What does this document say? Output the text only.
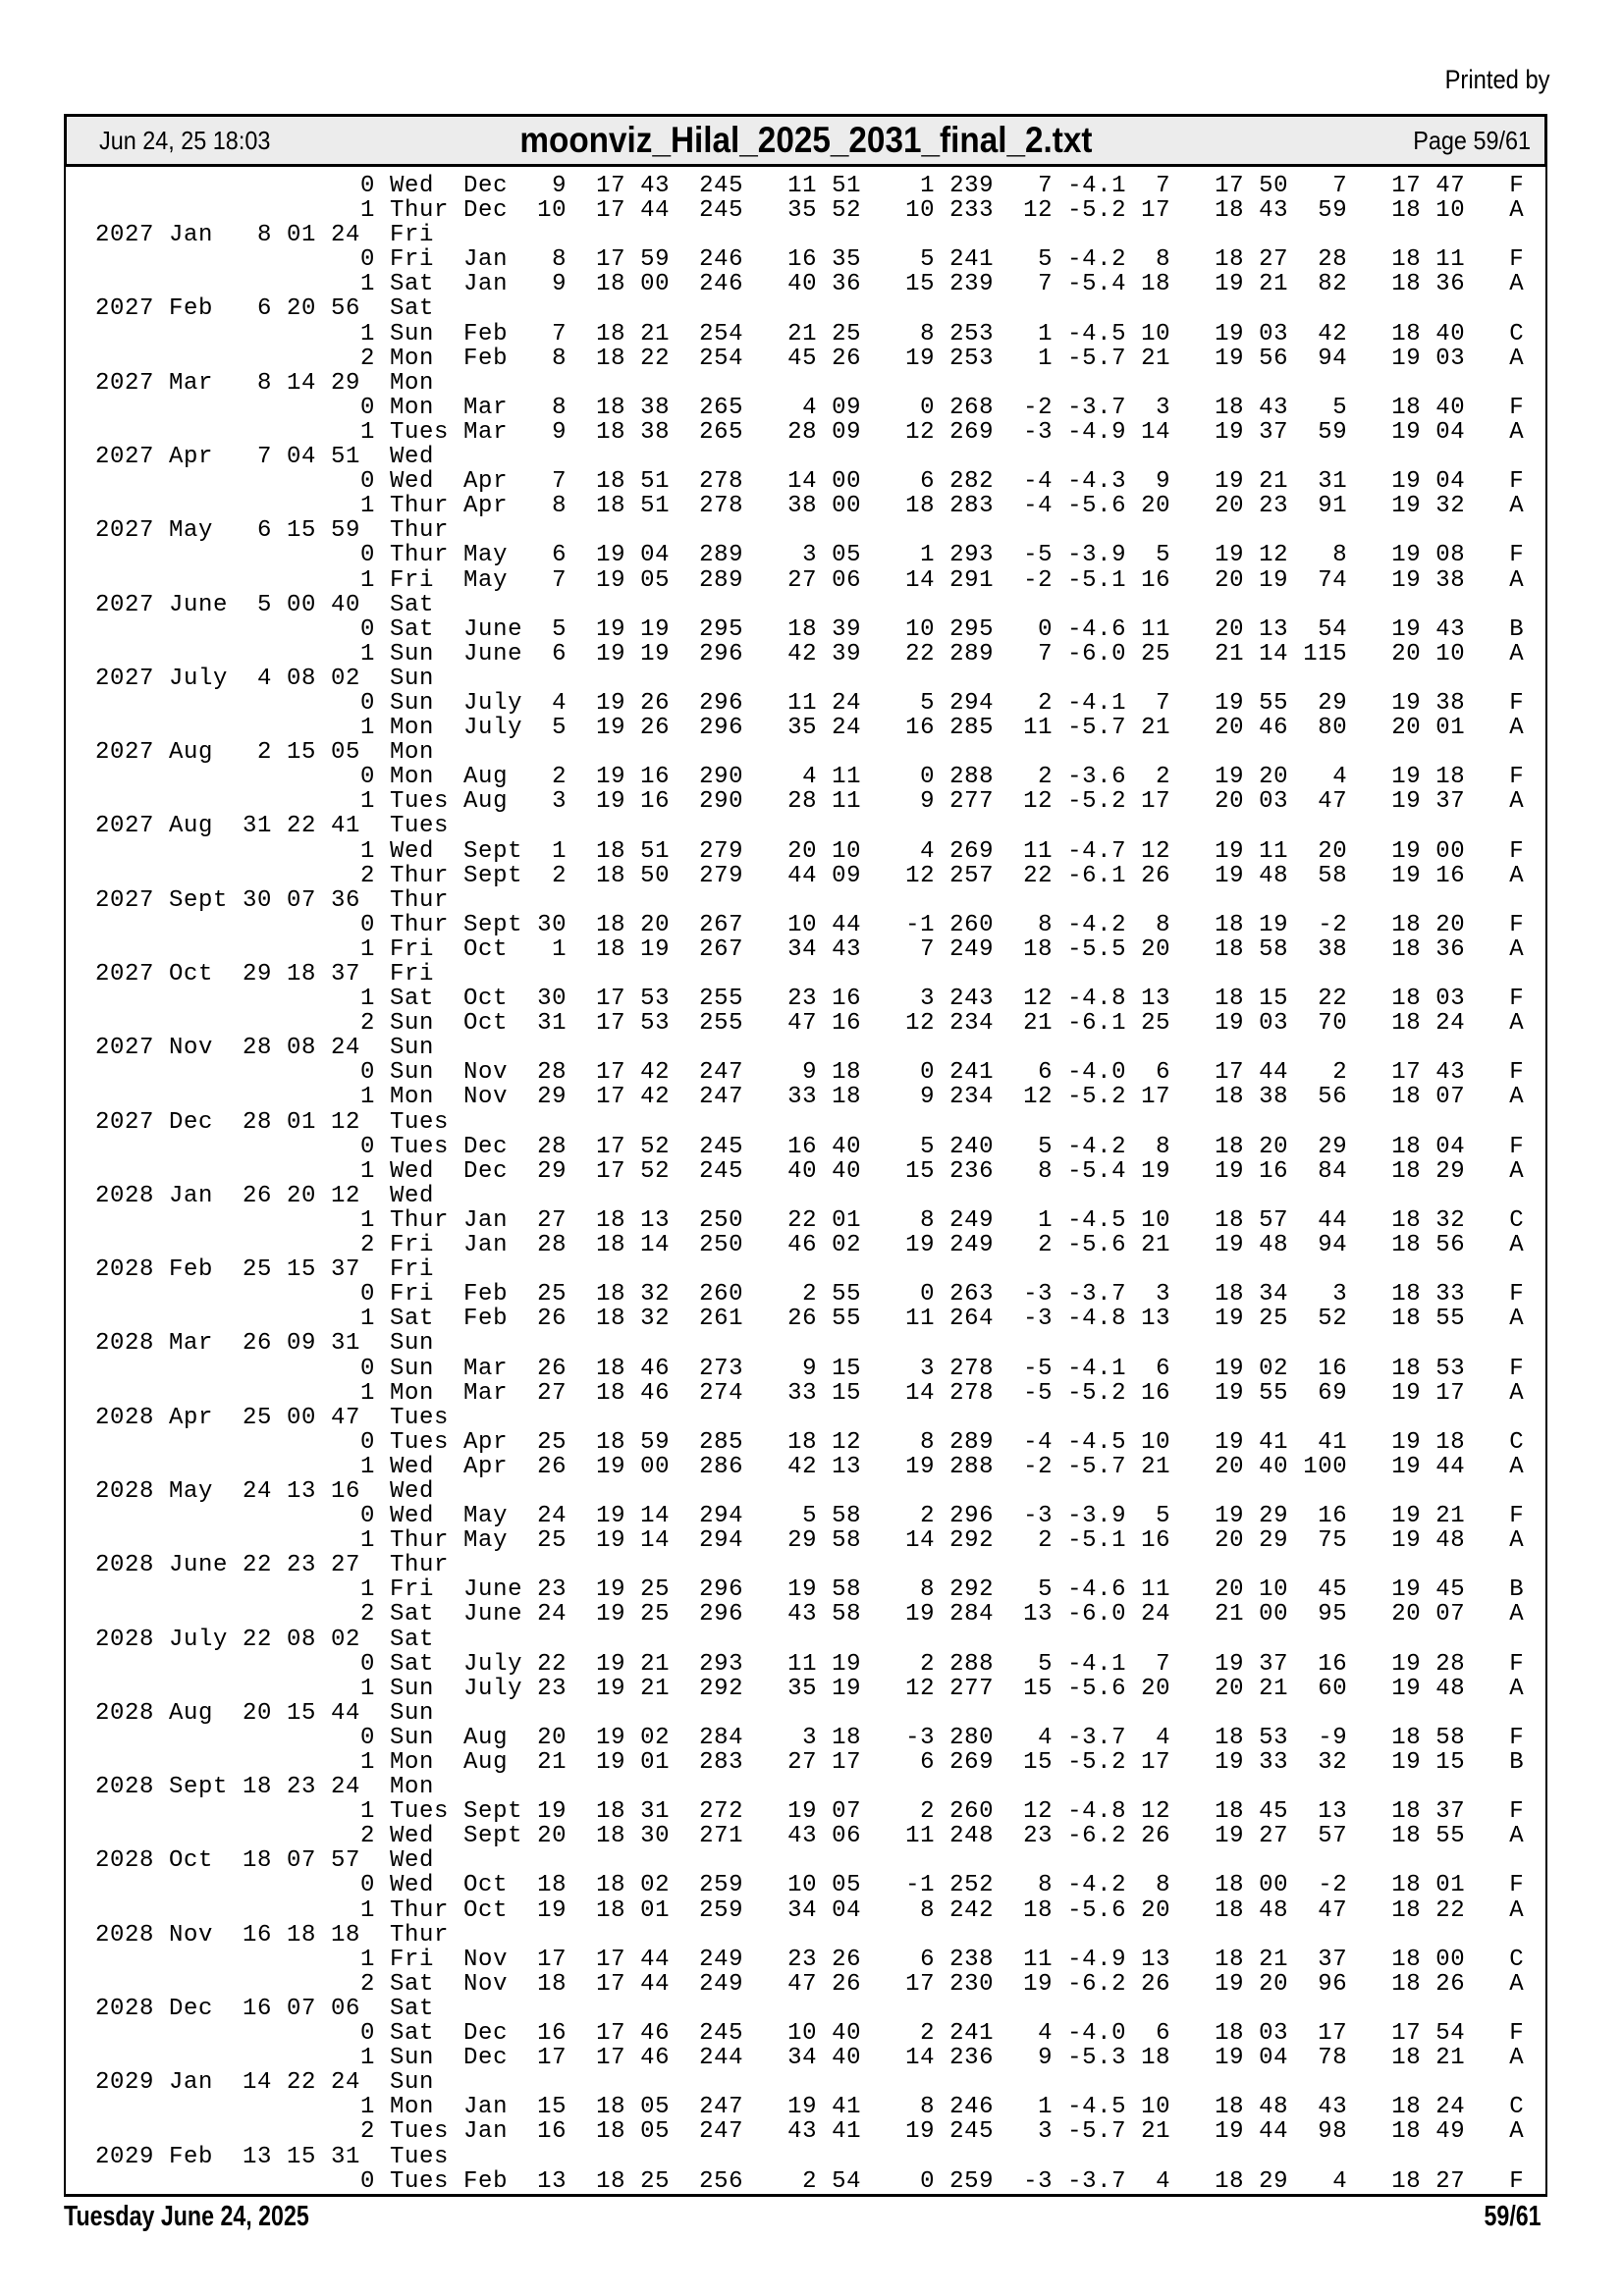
Printed by
Jun 24, 25 18:03	moonviz_Hilal_2025_2031_final_2.txt	Page 59/61
0 Wed  Dec   9  17 43  245   11 51    1 239   7 -4.1  7   17 50   7   17 47   F
1 Thur Dec  10  17 44  245   35 52   10 233  12 -5.2 17   18 43  59   18 10   A
2027 Jan   8 01 24  Fri
0 Fri  Jan   8  17 59  246   16 35    5 241   5 -4.2  8   18 27  28   18 11   F
1 Sat  Jan   9  18 00  246   40 36   15 239   7 -5.4 18   19 21  82   18 36   A
2027 Feb   6 20 56  Sat
1 Sun  Feb   7  18 21  254   21 25    8 253   1 -4.5 10   19 03  42   18 40   C
2 Mon  Feb   8  18 22  254   45 26   19 253   1 -5.7 21   19 56  94   19 03   A
2027 Mar   8 14 29  Mon
0 Mon  Mar   8  18 38  265    4 09    0 268  -2 -3.7  3   18 43   5   18 40   F
1 Tues Mar   9  18 38  265   28 09   12 269  -3 -4.9 14   19 37  59   19 04   A
2027 Apr   7 04 51  Wed
0 Wed  Apr   7  18 51  278   14 00    6 282  -4 -4.3  9   19 21  31   19 04   F
1 Thur Apr   8  18 51  278   38 00   18 283  -4 -5.6 20   20 23  91   19 32   A
2027 May   6 15 59  Thur
0 Thur May   6  19 04  289    3 05    1 293  -5 -3.9  5   19 12   8   19 08   F
1 Fri  May   7  19 05  289   27 06   14 291  -2 -5.1 16   20 19  74   19 38   A
2027 June  5 00 40  Sat
0 Sat  June  5  19 19  295   18 39   10 295   0 -4.6 11   20 13  54   19 43   B
1 Sun  June  6  19 19  296   42 39   22 289   7 -6.0 25   21 14 115   20 10   A
2027 July  4 08 02  Sun
0 Sun  July  4  19 26  296   11 24    5 294   2 -4.1  7   19 55  29   19 38   F
1 Mon  July  5  19 26  296   35 24   16 285  11 -5.7 21   20 46  80   20 01   A
2027 Aug   2 15 05  Mon
0 Mon  Aug   2  19 16  290    4 11    0 288   2 -3.6  2   19 20   4   19 18   F
1 Tues Aug   3  19 16  290   28 11    9 277  12 -5.2 17   20 03  47   19 37   A
2027 Aug  31 22 41  Tues
1 Wed  Sept  1  18 51  279   20 10    4 269  11 -4.7 12   19 11  20   19 00   F
2 Thur Sept  2  18 50  279   44 09   12 257  22 -6.1 26   19 48  58   19 16   A
2027 Sept 30 07 36  Thur
0 Thur Sept 30  18 20  267   10 44   -1 260   8 -4.2  8   18 19  -2   18 20   F
1 Fri  Oct   1  18 19  267   34 43    7 249  18 -5.5 20   18 58  38   18 36   A
2027 Oct  29 18 37  Fri
1 Sat  Oct  30  17 53  255   23 16    3 243  12 -4.8 13   18 15  22   18 03   F
2 Sun  Oct  31  17 53  255   47 16   12 234  21 -6.1 25   19 03  70   18 24   A
2027 Nov  28 08 24  Sun
0 Sun  Nov  28  17 42  247    9 18    0 241   6 -4.0  6   17 44   2   17 43   F
1 Mon  Nov  29  17 42  247   33 18    9 234  12 -5.2 17   18 38  56   18 07   A
2027 Dec  28 01 12  Tues
0 Tues Dec  28  17 52  245   16 40    5 240   5 -4.2  8   18 20  29   18 04   F
1 Wed  Dec  29  17 52  245   40 40   15 236   8 -5.4 19   19 16  84   18 29   A
2028 Jan  26 20 12  Wed
1 Thur Jan  27  18 13  250   22 01    8 249   1 -4.5 10   18 57  44   18 32   C
2 Fri  Jan  28  18 14  250   46 02   19 249   2 -5.6 21   19 48  94   18 56   A
2028 Feb  25 15 37  Fri
0 Fri  Feb  25  18 32  260    2 55    0 263  -3 -3.7  3   18 34   3   18 33   F
1 Sat  Feb  26  18 32  261   26 55   11 264  -3 -4.8 13   19 25  52   18 55   A
2028 Mar  26 09 31  Sun
0 Sun  Mar  26  18 46  273    9 15    3 278  -5 -4.1  6   19 02  16   18 53   F
1 Mon  Mar  27  18 46  274   33 15   14 278  -5 -5.2 16   19 55  69   19 17   A
2028 Apr  25 00 47  Tues
0 Tues Apr  25  18 59  285   18 12    8 289  -4 -4.5 10   19 41  41   19 18   C
1 Wed  Apr  26  19 00  286   42 13   19 288  -2 -5.7 21   20 40 100   19 44   A
2028 May  24 13 16  Wed
0 Wed  May  24  19 14  294    5 58    2 296  -3 -3.9  5   19 29  16   19 21   F
1 Thur May  25  19 14  294   29 58   14 292   2 -5.1 16   20 29  75   19 48   A
2028 June 22 23 27  Thur
1 Fri  June 23  19 25  296   19 58    8 292   5 -4.6 11   20 10  45   19 45   B
2 Sat  June 24  19 25  296   43 58   19 284  13 -6.0 24   21 00  95   20 07   A
2028 July 22 08 02  Sat
0 Sat  July 22  19 21  293   11 19    2 288   5 -4.1  7   19 37  16   19 28   F
1 Sun  July 23  19 21  292   35 19   12 277  15 -5.6 20   20 21  60   19 48   A
2028 Aug  20 15 44  Sun
0 Sun  Aug  20  19 02  284    3 18   -3 280   4 -3.7  4   18 53  -9   18 58   F
1 Mon  Aug  21  19 01  283   27 17    6 269  15 -5.2 17   19 33  32   19 15   B
2028 Sept 18 23 24  Mon
1 Tues Sept 19  18 31  272   19 07    2 260  12 -4.8 12   18 45  13   18 37   F
2 Wed  Sept 20  18 30  271   43 06   11 248  23 -6.2 26   19 27  57   18 55   A
2028 Oct  18 07 57  Wed
0 Wed  Oct  18  18 02  259   10 05   -1 252   8 -4.2  8   18 00  -2   18 01   F
1 Thur Oct  19  18 01  259   34 04    8 242  18 -5.6 20   18 48  47   18 22   A
2028 Nov  16 18 18  Thur
1 Fri  Nov  17  17 44  249   23 26    6 238  11 -4.9 13   18 21  37   18 00   C
2 Sat  Nov  18  17 44  249   47 26   17 230  19 -6.2 26   19 20  96   18 26   A
2028 Dec  16 07 06  Sat
0 Sat  Dec  16  17 46  245   10 40    2 241   4 -4.0  6   18 03  17   17 54   F
1 Sun  Dec  17  17 46  244   34 40   14 236   9 -5.3 18   19 04  78   18 21   A
2029 Jan  14 22 24  Sun
1 Mon  Jan  15  18 05  247   19 41    8 246   1 -4.5 10   18 48  43   18 24   C
2 Tues Jan  16  18 05  247   43 41   19 245   3 -5.7 21   19 44  98   18 49   A
2029 Feb  13 15 31  Tues
0 Tues Feb  13  18 25  256    2 54    0 259  -3 -3.7  4   18 29   4   18 27   F
Tuesday June 24, 2025	59/61
